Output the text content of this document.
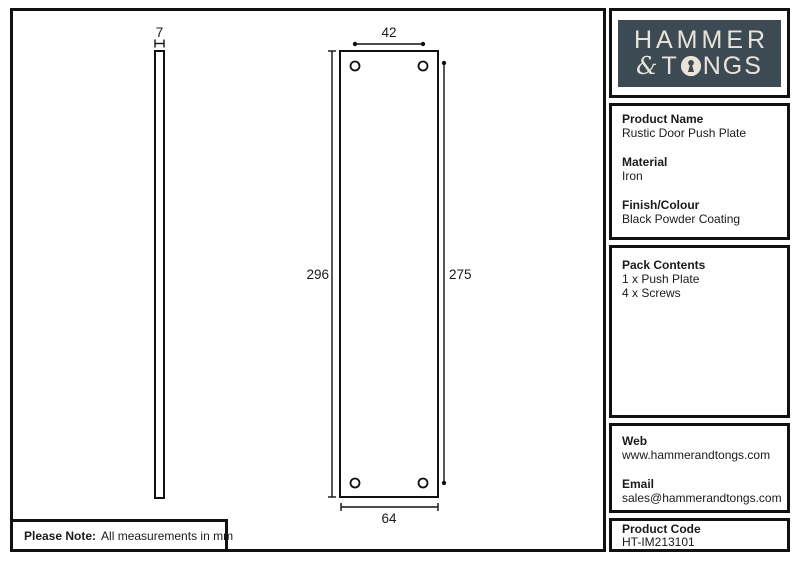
7	42
296	275
64
Please Note: All measurements in mm
HAMMER
& T NGS
Product Name
Rustic Door Push Plate
Material
Iron
Finish/Colour
Black Powder Coating
Pack Contents
1 x Push Plate
4 x Screws
Web
www.hammerandtongs.com
Email
sales@hammerandtongs.com
Product Code
HT-IM213101
